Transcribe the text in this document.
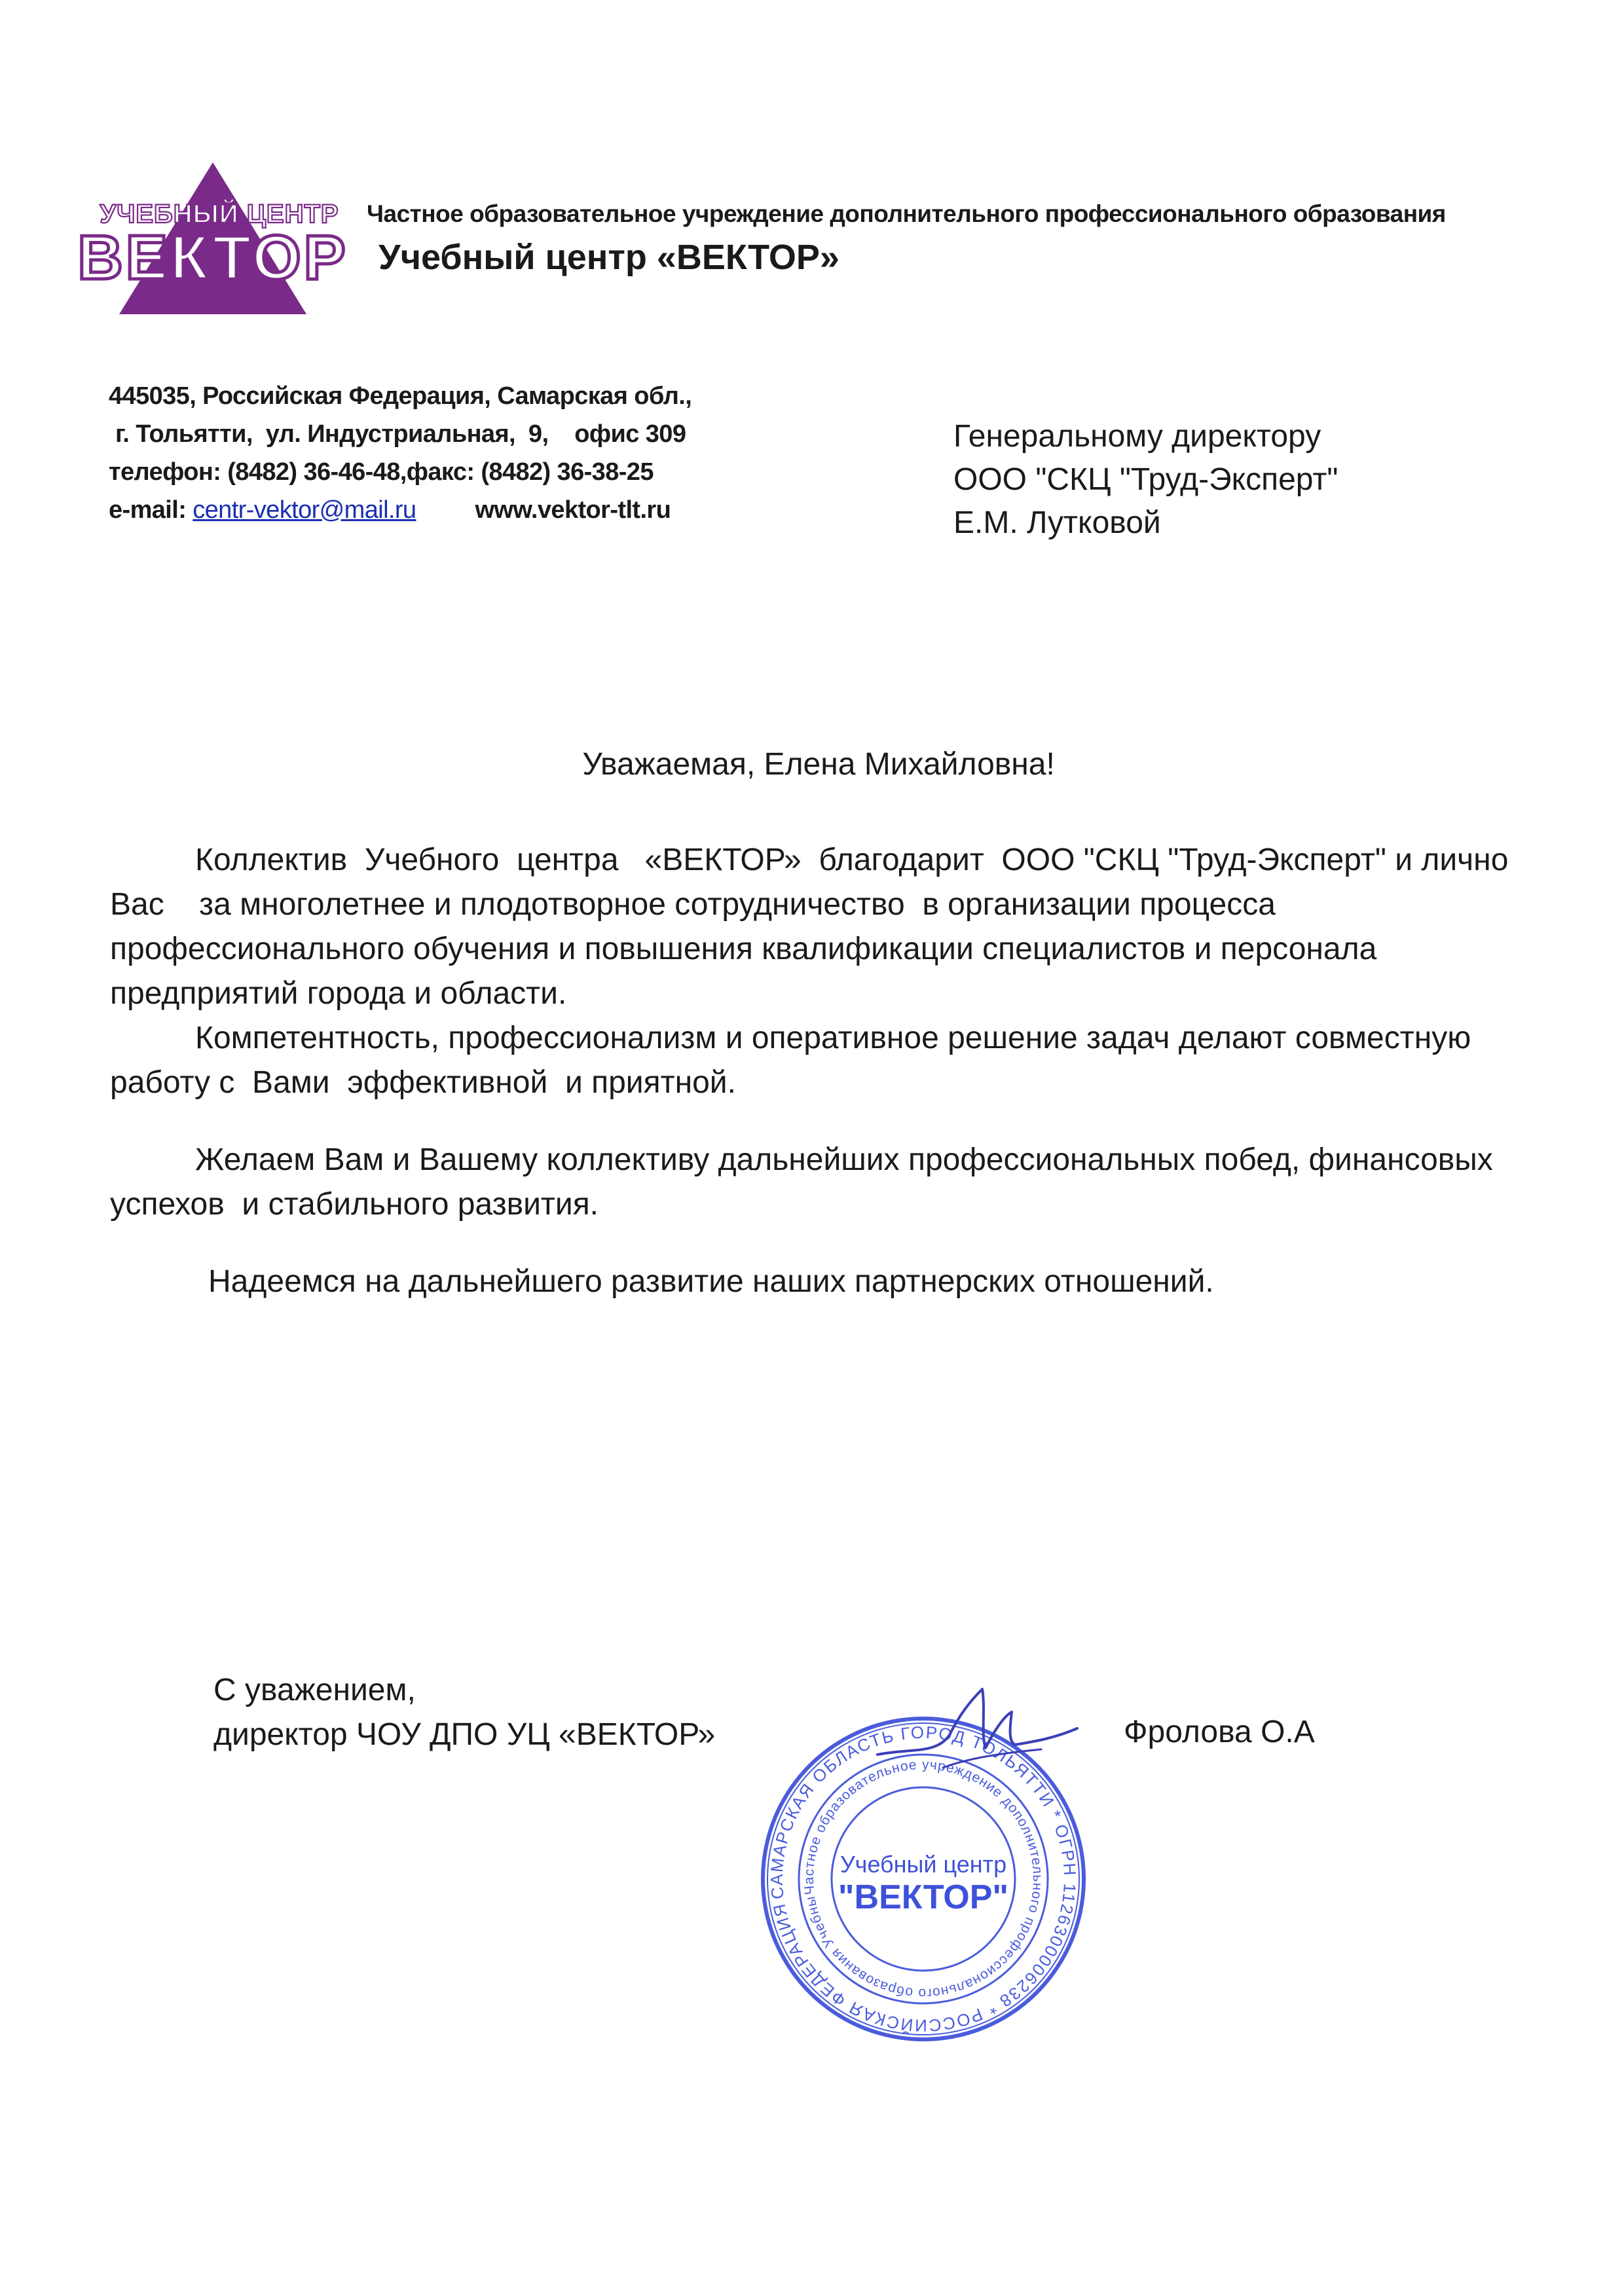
УЧЕБНЫЙ ЦЕНТР
ВЕКТОР
Частное образовательное учреждение дополнительного профессионального образования
Учебный центр «ВЕКТОР»
445035, Российская Федерация, Самарская обл.,
г. Тольятти,  ул. Индустриальная,  9,    офис 309
телефон: (8482) 36-46-48,факс: (8482) 36-38-25
e-mail: centr-vektor@mail.ru www.vektor-tlt.ru
Генеральному директору
ООО "СКЦ "Труд-Эксперт"
Е.М. Лутковой
Уважаемая, Елена Михайловна!
Коллектив  Учебного  центра   «ВЕКТОР»  благодарит  ООО "СКЦ "Труд-Эксперт" и лично
Вас    за многолетнее и плодотворное сотрудничество  в организации процесса
профессионального обучения и повышения квалификации специалистов и персонала
предприятий города и области.
Компетентность, профессионализм и оперативное решение задач делают совместную
работу с  Вами  эффективной  и приятной.
Желаем Вам и Вашему коллективу дальнейших профессиональных побед, финансовых
успехов  и стабильного развития.
Надеемся на дальнейшего развитие наших партнерских отношений.
С уважением,
директор ЧОУ ДПО УЦ «ВЕКТОР»	Фролова О.А
САМАРСКАЯ ОБЛАСТЬ ГОРОД ТОЛЬЯТТИ * ОГРН 1126300006238 * РОССИЙСКАЯ ФЕДЕРАЦИЯ
Частное образовательное учреждение дополнительного профессионального образования Учебный
Учебный центр
"ВЕКТОР"
